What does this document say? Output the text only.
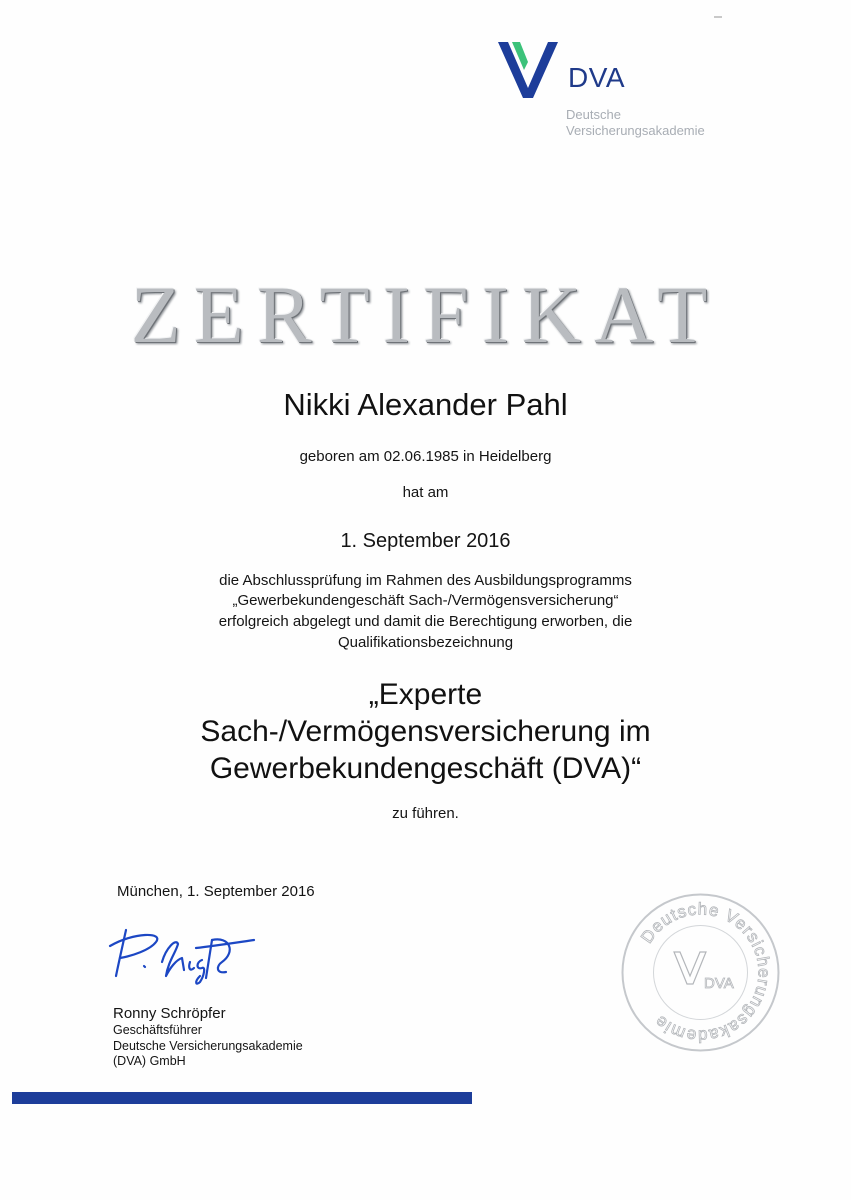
DVA
Deutsche
Versicherungsakademie
ZERTIFIKAT
Nikki Alexander Pahl
geboren am 02.06.1985 in Heidelberg
hat am
1. September 2016
die Abschlussprüfung im Rahmen des Ausbildungsprogramms
„Gewerbekundengeschäft Sach-/Vermögensversicherung“
erfolgreich abgelegt und damit die Berechtigung erworben, die
Qualifikationsbezeichnung
„Experte
Sach-/Vermögensversicherung im
Gewerbekundengeschäft (DVA)“
zu führen.
München, 1. September 2016
Ronny Schröpfer
Geschäftsführer
Deutsche Versicherungsakademie
(DVA) GmbH
Deutsche Versicherungsakademie
DVA
